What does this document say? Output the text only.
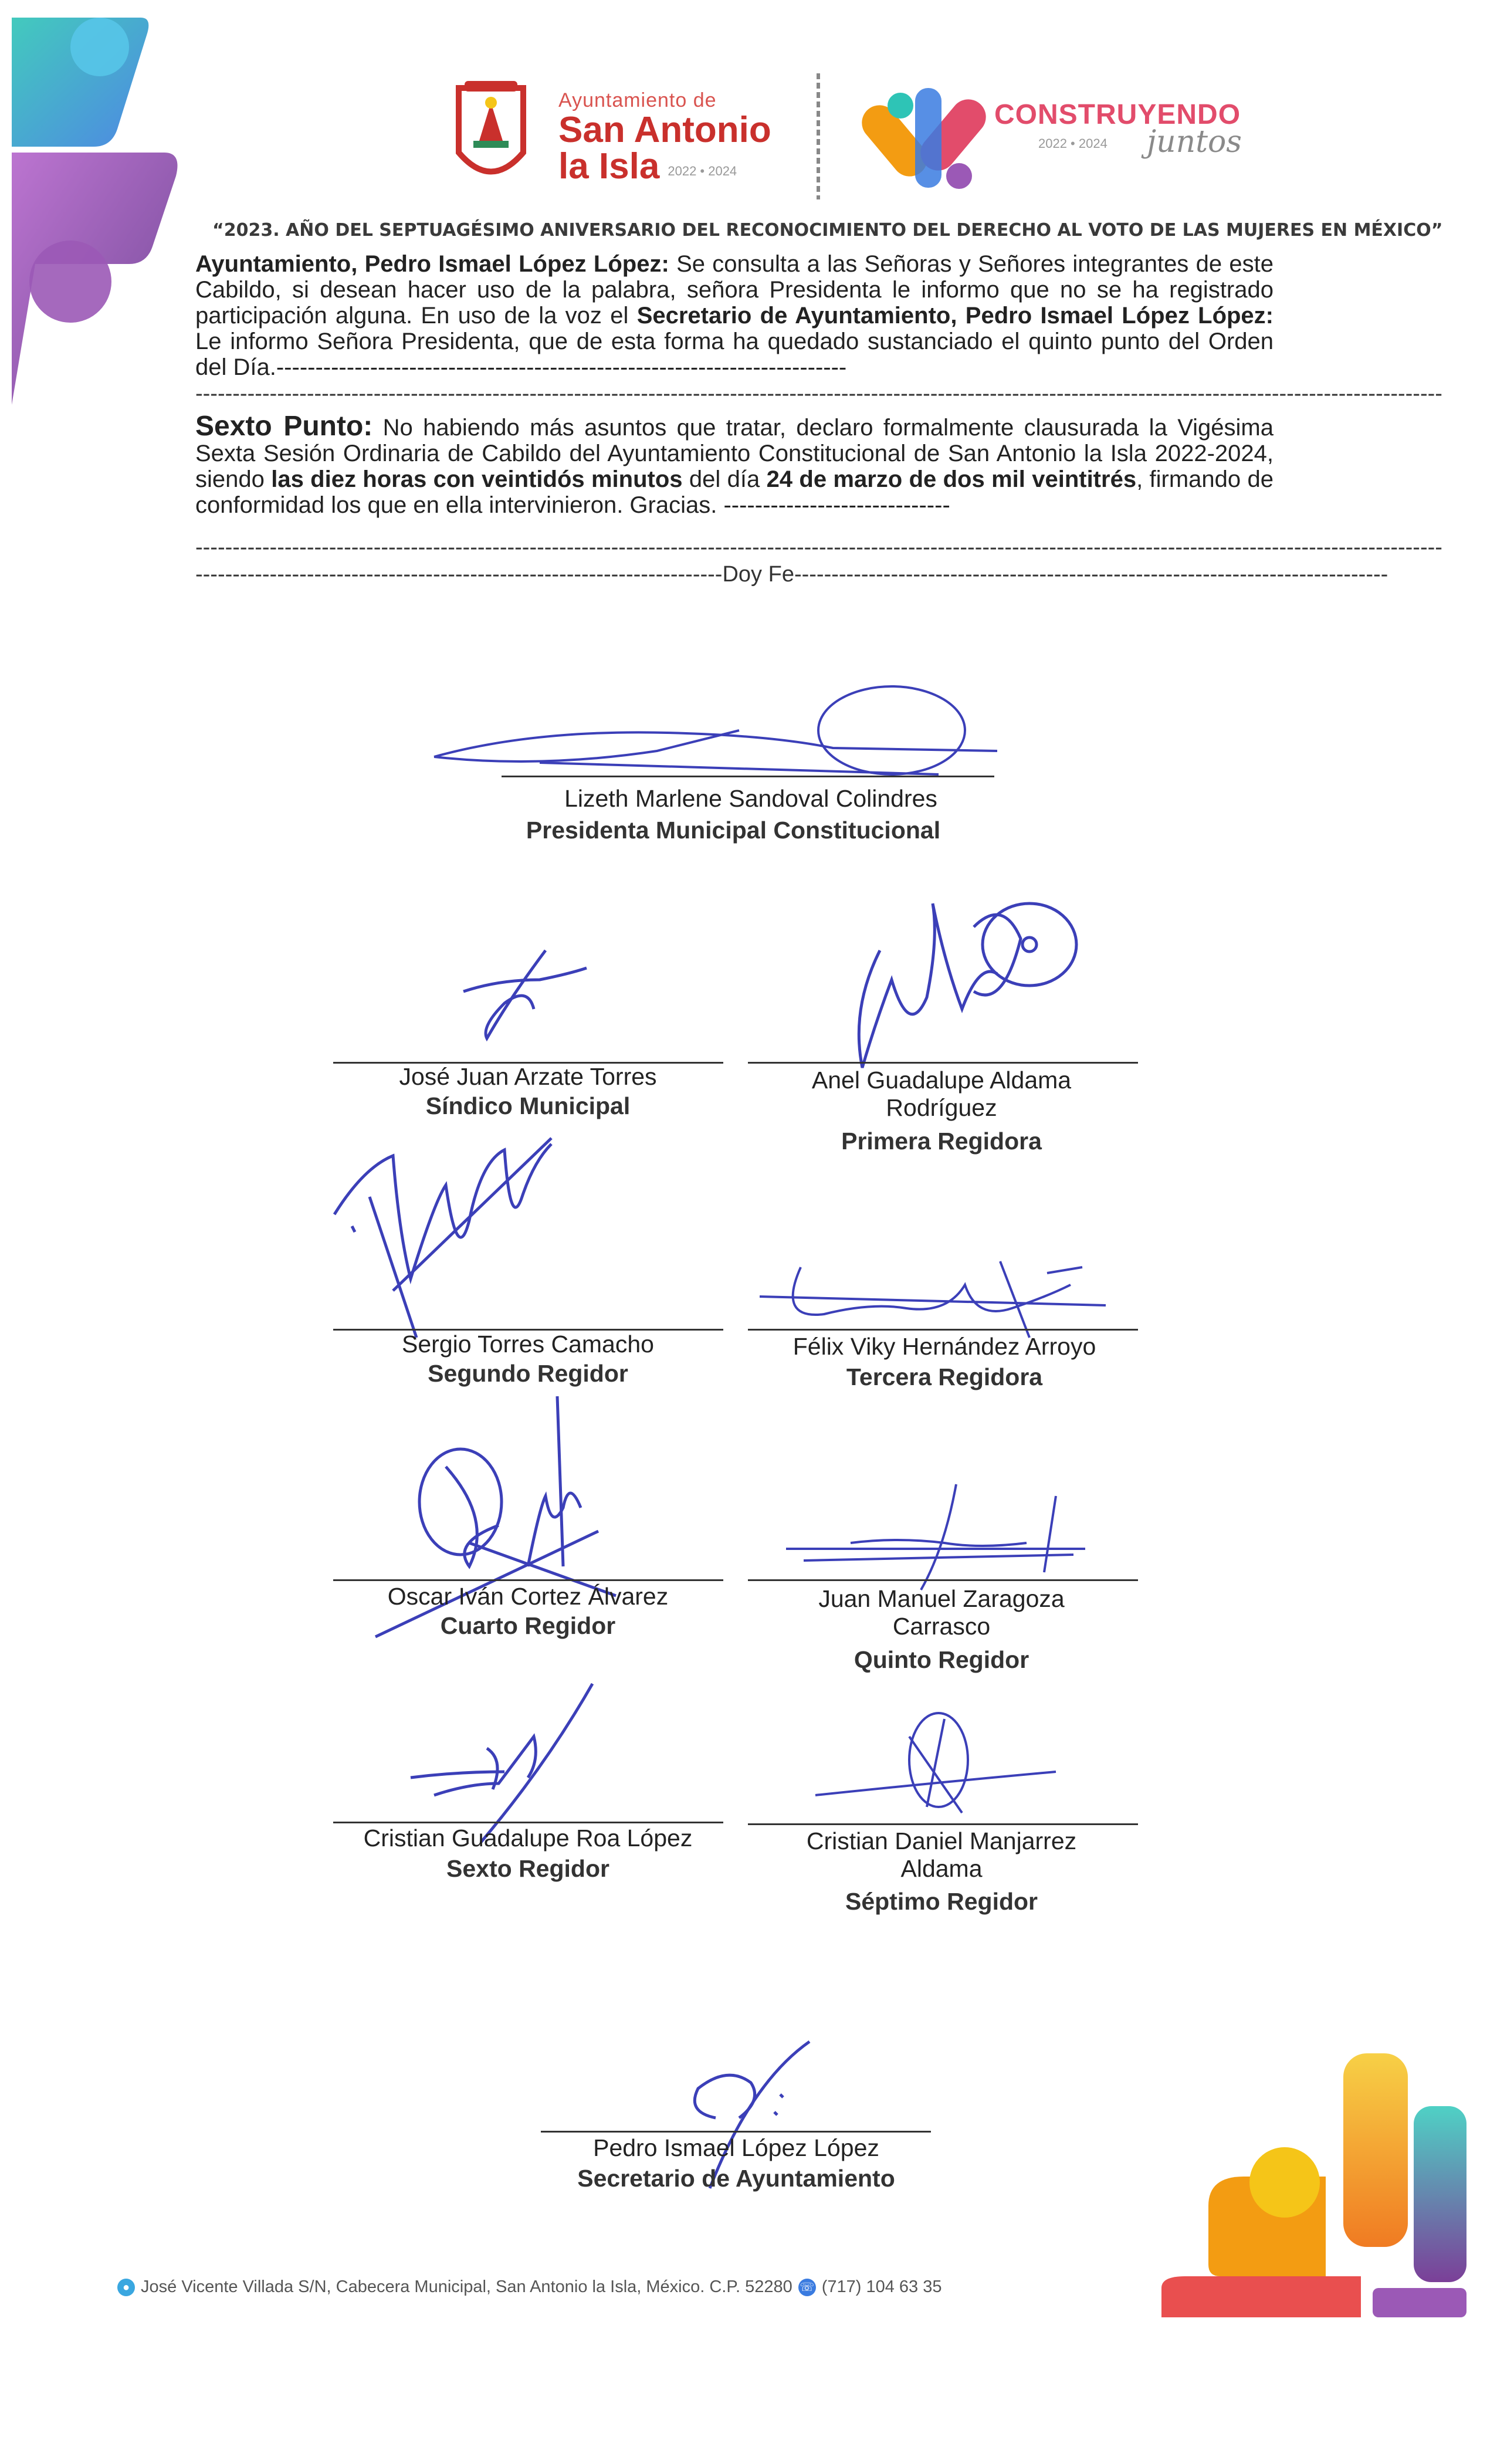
Ayuntamiento de
San Antonio
la Isla 2022 • 2024
CONSTRUYENDO
2022 • 2024 juntos
“2023. AÑO DEL SEPTUAGÉSIMO ANIVERSARIO DEL RECONOCIMIENTO DEL DERECHO AL VOTO DE LAS MUJERES EN MÉXICO”
Ayuntamiento, Pedro Ismael López López: Se consulta a las Señoras y Señores integrantes de este Cabildo, si desean hacer uso de la palabra, señora Presidenta le informo que no se ha registrado participación alguna. En uso de la voz el Secretario de Ayuntamiento, Pedro Ismael López López: Le informo Señora Presidenta, que de esta forma ha quedado sustanciado el quinto punto del Orden del Día.-------------------------------------------------------------------------
------------------------------------------------------------------------------------------------------------------------------------------------------------------------
Sexto Punto: No habiendo más asuntos que tratar, declaro formalmente clausurada la Vigésima Sexta Sesión Ordinaria de Cabildo del Ayuntamiento Constitucional de San Antonio la Isla 2022-2024, siendo las diez horas con veintidós minutos del día 24 de marzo de dos mil veintitrés, firmando de conformidad los que en ella intervinieron. Gracias. -----------------------------
------------------------------------------------------------------------------------------------------------------------------------------------------------------------
-----------------------------------------------------------------------Doy Fe--------------------------------------------------------------------------------
Lizeth Marlene Sandoval Colindres
Presidenta Municipal Constitucional
José Juan Arzate Torres
Síndico Municipal
Anel Guadalupe Aldama Rodríguez
Primera Regidora
Sergio Torres Camacho
Segundo Regidor
Félix Viky Hernández Arroyo
Tercera Regidora
Oscar Iván Cortez Álvarez
Cuarto Regidor
Juan Manuel Zaragoza Carrasco
Quinto Regidor
Cristian Guadalupe Roa López
Sexto Regidor
Cristian Daniel Manjarrez Aldama
Séptimo Regidor
Pedro Ismael López López
Secretario de Ayuntamiento
● José Vicente Villada S/N, Cabecera Municipal, San Antonio la Isla, México. C.P. 52280 ☏ (717) 104 63 35
